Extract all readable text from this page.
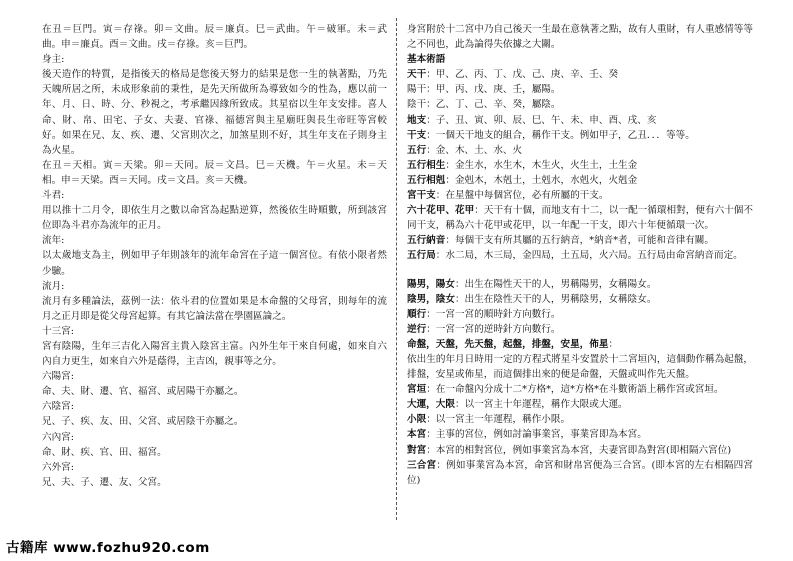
在丑＝巨門。寅＝存祿。卯＝文曲。辰＝廉貞。巳＝武曲。午＝破軍。未＝武曲。申＝廉貞。酉＝文曲。戌＝存祿。亥＝巨門。

身主:

後天造作的特質，是指後天的格局是您後天努力的結果是您一生的執著點，乃先天魄所居之所，未成形象前的秉性，是先天所做所為導致如今的性為，應以前一年、月、日、時、分、秒視之，考承繼因緣所致成。其星宿以生年支安排。喜人命、財、帛、田宅、子女、夫妻、官祿、福德宮與主星廟旺與長生帝旺等宮較好。如果在兄、友、疾、遷、父宮則次之，加煞星則不好，其生年支在子則身主為火星。

在丑＝天相。寅＝天梁。卯＝天同。辰＝文昌。巳＝天機。午＝火星。未＝天相。申＝天梁。酉＝天同。戌＝文昌。亥＝天機。

斗君:

用以推十二月令，即依生月之數以命宮為起點逆算，然後依生時順數，所到該宮位即為斗君亦為流年的正月。

流年:

以太歲地支為主，例如甲子年則該年的流年命宮在子這一個宮位。有依小限者然少驗。

流月:

流月有多種論法，茲例一法：依斗君的位置如果是本命盤的父母宮，則每年的流月之正月即是從父母宮起算。有其它論法當在學園區論之。

十三宮:

宮有陰陽，生年三吉化入陽宮主貴入陰宮主富。內外生年干來自何處，如來自六內自力更生，如來自六外是蔭得，主吉凶，親事等之分。

六陽宮:

命、夫、財、遷、官、福宮、或居陽干亦屬之。

六陰宮:

兄、子、疾、友、田、父宮、或居陰干亦屬之。

六內宮:

命、財、疾、官、田、福宮。

六外宮:

兄、夫、子、遷、友、父宮。

身宮附於十二宮中乃自己後天一生最在意執著之點，故有人重財，有人重感情等等之不同也，此為論得失依據之大關。

基本術語

天干：甲、乙、丙、丁、戊、己、庚、辛、壬、癸

陽干：甲、丙、戊、庚、壬，屬陽。

陰干：乙、丁、己、辛、癸，屬陰。

地支：子、丑、寅、卯、辰、巳、午、未、申、酉、戌、亥

干支：一個天干地支的組合，稱作干支。例如甲子，乙丑．．．等等。

五行：金、木、土、水、火

五行相生：金生水，水生木，木生火，火生土，土生金

五行相剋：金剋木，木剋土，土剋水，水剋火，火剋金

宮干支：在星盤中每個宮位，必有所屬的干支。

六十花甲、花甲：天干有十個，而地支有十二，以一配一循環相對，便有六十個不同干支，稱為六十花甲或花甲，以一年配一干支，即六十年便循環一次。

五行納音：每個干支有所其屬的五行納音，*納音*者，可能和音律有關。

五行局：水二局，木三局，金四局，土五局，火六局。五行局由命宮納音而定。

陽男，陽女：出生在陽性天干的人，男稱陽男，女稱陽女。

陰男，陰女：出生在陰性天干的人，男稱陰男，女稱陰女。

順行：一宮一宮的順時針方向數行。

逆行：一宮一宮的逆時針方向數行。

命盤，天盤，先天盤，起盤，排盤，安星，佈星：

依出生的年月日時用一定的方程式將星斗安置於十二宮垣內，這個動作稱為起盤，排盤，安星或佈星，而這個排出來的便是命盤，天盤或叫作先天盤。

宮垣：在一命盤內分成十二*方格*，這*方格*在斗數術語上稱作宮或宮垣。

大運，大限：以一宮主十年運程，稱作大限或大運。

小限：以一宮主一年運程，稱作小限。

本宮：主事的宮位，例如討論事業宮，事業宮即為本宮。

對宮：本宮的相對宮位，例如事業宮為本宮，夫妻宮即為對宮(即相隔六宮位)

三合宮：例如事業宮為本宮，命宮和財帛宮便為三合宮。(即本宮的左右相隔四宮位)

古籍库 www.fozhu920.com
